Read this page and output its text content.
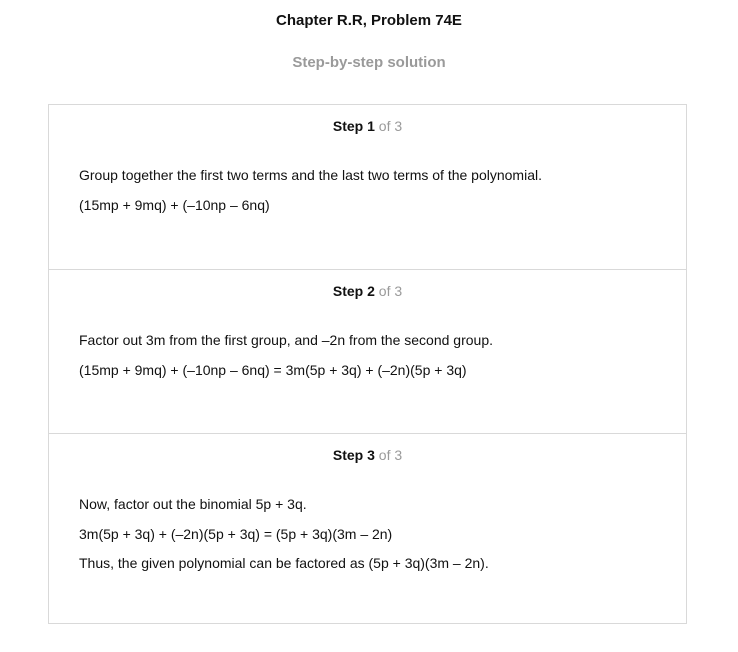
Chapter R.R, Problem 74E
Step-by-step solution
Step 1 of 3
Group together the first two terms and the last two terms of the polynomial.
(15mp + 9mq) + (–10np – 6nq)
Step 2 of 3
Factor out 3m from the first group, and –2n from the second group.
(15mp + 9mq) + (–10np – 6nq) = 3m(5p + 3q) + (–2n)(5p + 3q)
Step 3 of 3
Now, factor out the binomial 5p + 3q.
3m(5p + 3q) + (–2n)(5p + 3q) = (5p + 3q)(3m – 2n)
Thus, the given polynomial can be factored as (5p + 3q)(3m – 2n).
